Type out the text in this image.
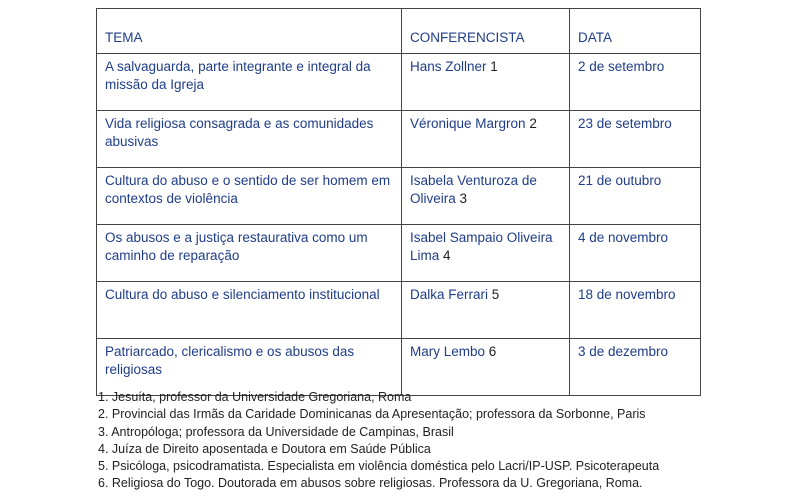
TEMA	CONFERENCISTA	DATA
A salvaguarda, parte integrante e integral da missão da Igreja	Hans Zollner 1	2 de setembro
Vida religiosa consagrada e as comunidades abusivas	Véronique Margron 2	23 de setembro
Cultura do abuso e o sentido de ser homem em contextos de violência	Isabela Venturoza de Oliveira 3	21 de outubro
Os abusos e a justiça restaurativa como um caminho de reparação	Isabel Sampaio Oliveira Lima 4	4 de novembro
Cultura do abuso e silenciamento institucional	Dalka Ferrari 5	18 de novembro
Patriarcado, clericalismo e os abusos das religiosas	Mary Lembo 6	3 de dezembro
1. Jesuíta, professor da Universidade Gregoriana, Roma
2. Provincial das Irmãs da Caridade Dominicanas da Apresentação; professora da Sorbonne, Paris
3. Antropóloga; professora da Universidade de Campinas, Brasil
4. Juíza de Direito aposentada e Doutora em Saúde Pública
5. Psicóloga, psicodramatista. Especialista em violência doméstica pelo Lacri/IP-USP. Psicoterapeuta
6. Religiosa do Togo. Doutorada em abusos sobre religiosas. Professora da U. Gregoriana, Roma.
